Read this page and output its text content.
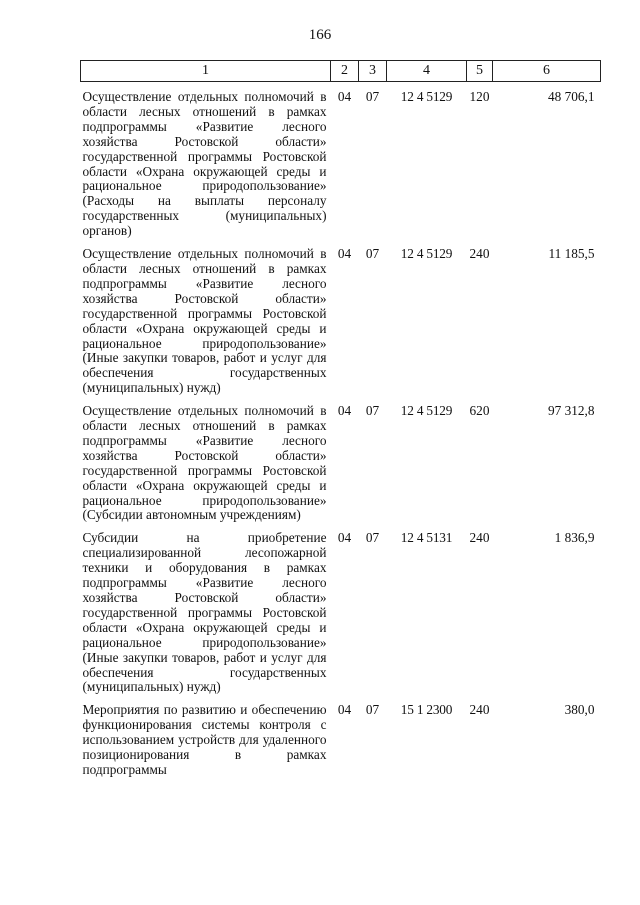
166
1	2	3	4	5	6
Осуществление отдельных полномочий в области лесных отношений в рамках подпрограммы «Развитие лесного хозяйства Ростовской области» государственной программы Ростовской области «Охрана окружающей среды и рациональное природопользование» (Расходы на выплаты персоналу государственных (муниципальных) органов)	04	07	12 4 5129	120	48 706,1
Осуществление отдельных полномочий в области лесных отношений в рамках подпрограммы «Развитие лесного хозяйства Ростовской области» государственной программы Ростовской области «Охрана окружающей среды и рациональное природопользование» (Иные закупки товаров, работ и услуг для обеспечения государственных (муниципальных) нужд)	04	07	12 4 5129	240	11 185,5
Осуществление отдельных полномочий в области лесных отношений в рамках подпрограммы «Развитие лесного хозяйства Ростовской области» государственной программы Ростовской области «Охрана окружающей среды и рациональное природопользование» (Субсидии автономным учреждениям)	04	07	12 4 5129	620	97 312,8
Субсидии на приобретение специализированной лесопожарной техники и оборудования в рамках подпрограммы «Развитие лесного хозяйства Ростовской области» государственной программы Ростовской области «Охрана окружающей среды и рациональное природопользование» (Иные закупки товаров, работ и услуг для обеспечения государственных (муниципальных) нужд)	04	07	12 4 5131	240	1 836,9
Мероприятия по развитию и обеспечению функционирования системы контроля с использованием устройств для удаленного позиционирования в рамках подпрограммы	04	07	15 1 2300	240	380,0
